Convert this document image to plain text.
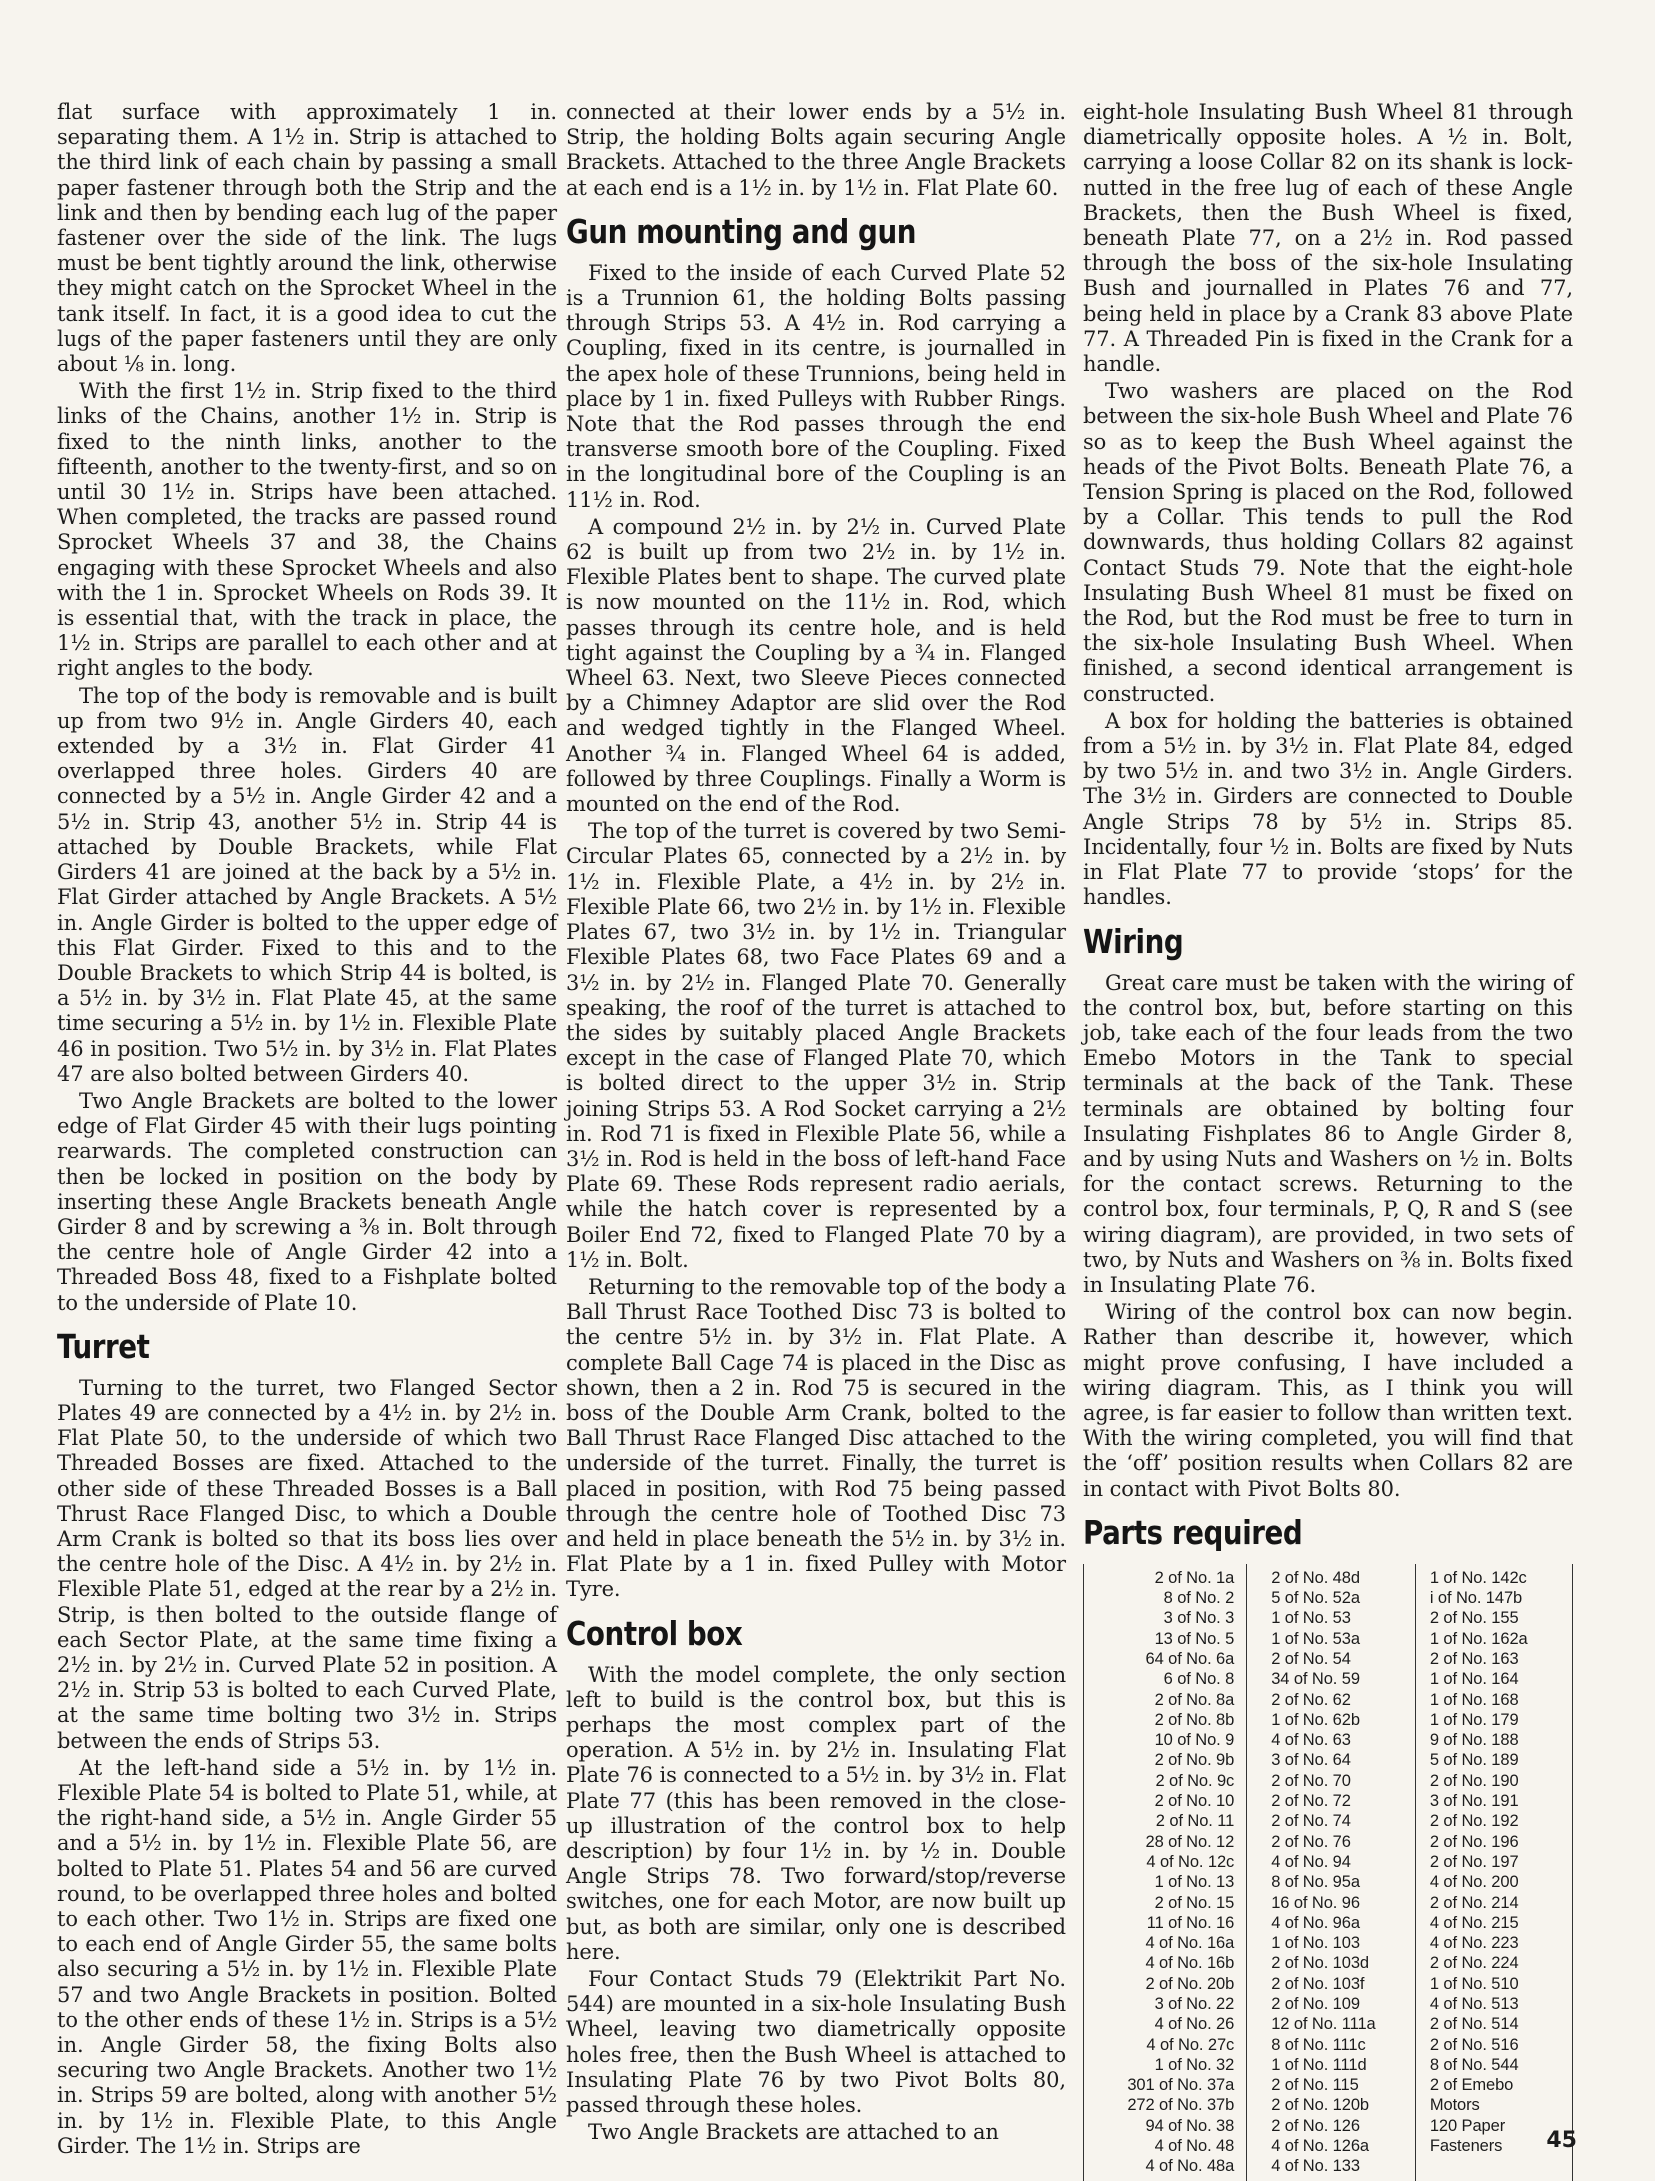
flat surface with approximately 1 in. separating them. A 1½ in. Strip is attached to the third link of each chain by passing a small paper fastener through both the Strip and the link and then by bending each lug of the paper fastener over the side of the link. The lugs must be bent tightly around the link, otherwise they might catch on the Sprocket Wheel in the tank itself. In fact, it is a good idea to cut the lugs of the paper fasteners until they are only about ⅛ in. long.

With the first 1½ in. Strip fixed to the third links of the Chains, another 1½ in. Strip is fixed to the ninth links, another to the fifteenth, another to the twenty-first, and so on until 30 1½ in. Strips have been attached. When completed, the tracks are passed round Sprocket Wheels 37 and 38, the Chains engaging with these Sprocket Wheels and also with the 1 in. Sprocket Wheels on Rods 39. It is essential that, with the track in place, the 1½ in. Strips are parallel to each other and at right angles to the body.

The top of the body is removable and is built up from two 9½ in. Angle Girders 40, each extended by a 3½ in. Flat Girder 41 overlapped three holes. Girders 40 are connected by a 5½ in. Angle Girder 42 and a 5½ in. Strip 43, another 5½ in. Strip 44 is attached by Double Brackets, while Flat Girders 41 are joined at the back by a 5½ in. Flat Girder attached by Angle Brackets. A 5½ in. Angle Girder is bolted to the upper edge of this Flat Girder. Fixed to this and to the Double Brackets to which Strip 44 is bolted, is a 5½ in. by 3½ in. Flat Plate 45, at the same time securing a 5½ in. by 1½ in. Flexible Plate 46 in position. Two 5½ in. by 3½ in. Flat Plates 47 are also bolted between Girders 40.

Two Angle Brackets are bolted to the lower edge of Flat Girder 45 with their lugs pointing rearwards. The completed construction can then be locked in position on the body by inserting these Angle Brackets beneath Angle Girder 8 and by screwing a ⅜ in. Bolt through the centre hole of Angle Girder 42 into a Threaded Boss 48, fixed to a Fishplate bolted to the underside of Plate 10.

Turret

Turning to the turret, two Flanged Sector Plates 49 are connected by a 4½ in. by 2½ in. Flat Plate 50, to the underside of which two Threaded Bosses are fixed. Attached to the other side of these Threaded Bosses is a Ball Thrust Race Flanged Disc, to which a Double Arm Crank is bolted so that its boss lies over the centre hole of the Disc. A 4½ in. by 2½ in. Flexible Plate 51, edged at the rear by a 2½ in. Strip, is then bolted to the outside flange of each Sector Plate, at the same time fixing a 2½ in. by 2½ in. Curved Plate 52 in position. A 2½ in. Strip 53 is bolted to each Curved Plate, at the same time bolting two 3½ in. Strips between the ends of Strips 53.

At the left-hand side a 5½ in. by 1½ in. Flexible Plate 54 is bolted to Plate 51, while, at the right-hand side, a 5½ in. Angle Girder 55 and a 5½ in. by 1½ in. Flexible Plate 56, are bolted to Plate 51. Plates 54 and 56 are curved round, to be overlapped three holes and bolted to each other. Two 1½ in. Strips are fixed one to each end of Angle Girder 55, the same bolts also securing a 5½ in. by 1½ in. Flexible Plate 57 and two Angle Brackets in position. Bolted to the other ends of these 1½ in. Strips is a 5½ in. Angle Girder 58, the fixing Bolts also securing two Angle Brackets. Another two 1½ in. Strips 59 are bolted, along with another 5½ in. by 1½ in. Flexible Plate, to this Angle Girder. The 1½ in. Strips are

connected at their lower ends by a 5½ in. Strip, the holding Bolts again securing Angle Brackets. Attached to the three Angle Brackets at each end is a 1½ in. by 1½ in. Flat Plate 60.

Gun mounting and gun

Fixed to the inside of each Curved Plate 52 is a Trunnion 61, the holding Bolts passing through Strips 53. A 4½ in. Rod carrying a Coupling, fixed in its centre, is journalled in the apex hole of these Trunnions, being held in place by 1 in. fixed Pulleys with Rubber Rings. Note that the Rod passes through the end transverse smooth bore of the Coupling. Fixed in the longitudinal bore of the Coupling is an 11½ in. Rod.

A compound 2½ in. by 2½ in. Curved Plate 62 is built up from two 2½ in. by 1½ in. Flexible Plates bent to shape. The curved plate is now mounted on the 11½ in. Rod, which passes through its centre hole, and is held tight against the Coupling by a ¾ in. Flanged Wheel 63. Next, two Sleeve Pieces connected by a Chimney Adaptor are slid over the Rod and wedged tightly in the Flanged Wheel. Another ¾ in. Flanged Wheel 64 is added, followed by three Couplings. Finally a Worm is mounted on the end of the Rod.

The top of the turret is covered by two Semi-Circular Plates 65, connected by a 2½ in. by 1½ in. Flexible Plate, a 4½ in. by 2½ in. Flexible Plate 66, two 2½ in. by 1½ in. Flexible Plates 67, two 3½ in. by 1½ in. Triangular Flexible Plates 68, two Face Plates 69 and a 3½ in. by 2½ in. Flanged Plate 70. Generally speaking, the roof of the turret is attached to the sides by suitably placed Angle Brackets except in the case of Flanged Plate 70, which is bolted direct to the upper 3½ in. Strip joining Strips 53. A Rod Socket carrying a 2½ in. Rod 71 is fixed in Flexible Plate 56, while a 3½ in. Rod is held in the boss of left-hand Face Plate 69. These Rods represent radio aerials, while the hatch cover is represented by a Boiler End 72, fixed to Flanged Plate 70 by a 1½ in. Bolt.

Returning to the removable top of the body a Ball Thrust Race Toothed Disc 73 is bolted to the centre 5½ in. by 3½ in. Flat Plate. A complete Ball Cage 74 is placed in the Disc as shown, then a 2 in. Rod 75 is secured in the boss of the Double Arm Crank, bolted to the Ball Thrust Race Flanged Disc attached to the underside of the turret. Finally, the turret is placed in position, with Rod 75 being passed through the centre hole of Toothed Disc 73 and held in place beneath the 5½ in. by 3½ in. Flat Plate by a 1 in. fixed Pulley with Motor Tyre.

Control box

With the model complete, the only section left to build is the control box, but this is perhaps the most complex part of the operation. A 5½ in. by 2½ in. Insulating Flat Plate 76 is connected to a 5½ in. by 3½ in. Flat Plate 77 (this has been removed in the close-up illustration of the control box to help description) by four 1½ in. by ½ in. Double Angle Strips 78. Two forward/stop/reverse switches, one for each Motor, are now built up but, as both are similar, only one is described here.

Four Contact Studs 79 (Elektrikit Part No. 544) are mounted in a six-hole Insulating Bush Wheel, leaving two diametrically opposite holes free, then the Bush Wheel is attached to Insulating Plate 76 by two Pivot Bolts 80, passed through these holes.

Two Angle Brackets are attached to an

eight-hole Insulating Bush Wheel 81 through diametrically opposite holes. A ½ in. Bolt, carrying a loose Collar 82 on its shank is lock-nutted in the free lug of each of these Angle Brackets, then the Bush Wheel is fixed, beneath Plate 77, on a 2½ in. Rod passed through the boss of the six-hole Insulating Bush and journalled in Plates 76 and 77, being held in place by a Crank 83 above Plate 77. A Threaded Pin is fixed in the Crank for a handle.

Two washers are placed on the Rod between the six-hole Bush Wheel and Plate 76 so as to keep the Bush Wheel against the heads of the Pivot Bolts. Beneath Plate 76, a Tension Spring is placed on the Rod, followed by a Collar. This tends to pull the Rod downwards, thus holding Collars 82 against Contact Studs 79. Note that the eight-hole Insulating Bush Wheel 81 must be fixed on the Rod, but the Rod must be free to turn in the six-hole Insulating Bush Wheel. When finished, a second identical arrangement is constructed.

A box for holding the batteries is obtained from a 5½ in. by 3½ in. Flat Plate 84, edged by two 5½ in. and two 3½ in. Angle Girders. The 3½ in. Girders are connected to Double Angle Strips 78 by 5½ in. Strips 85. Incidentally, four ½ in. Bolts are fixed by Nuts in Flat Plate 77 to provide ‘stops’ for the handles.

Wiring

Great care must be taken with the wiring of the control box, but, before starting on this job, take each of the four leads from the two Emebo Motors in the Tank to special terminals at the back of the Tank. These terminals are obtained by bolting four Insulating Fishplates 86 to Angle Girder 8, and by using Nuts and Washers on ½ in. Bolts for the contact screws. Returning to the control box, four terminals, P, Q, R and S (see wiring diagram), are provided, in two sets of two, by Nuts and Washers on ⅜ in. Bolts fixed in Insulating Plate 76.

Wiring of the control box can now begin. Rather than describe it, however, which might prove confusing, I have included a wiring diagram. This, as I think you will agree, is far easier to follow than written text. With the wiring completed, you will find that the ‘off’ position results when Collars 82 are in contact with Pivot Bolts 80.

Parts required
2 of No. 1a
8 of No. 2
3 of No. 3
13 of No. 5
64 of No. 6a
6 of No. 8
2 of No. 8a
2 of No. 8b
10 of No. 9
2 of No. 9b
2 of No. 9c
2 of No. 10
2 of No. 11
28 of No. 12
4 of No. 12c
1 of No. 13
2 of No. 15
11 of No. 16
4 of No. 16a
4 of No. 16b
2 of No. 20b
3 of No. 22
4 of No. 26
4 of No. 27c
1 of No. 32
301 of No. 37a
272 of No. 37b
94 of No. 38
4 of No. 48
4 of No. 48a

2 of No. 48d
5 of No. 52a
1 of No. 53
1 of No. 53a
2 of No. 54
34 of No. 59
2 of No. 62
1 of No. 62b
4 of No. 63
3 of No. 64
2 of No. 70
2 of No. 72
2 of No. 74
2 of No. 76
4 of No. 94
8 of No. 95a
16 of No. 96
4 of No. 96a
1 of No. 103
2 of No. 103d
2 of No. 103f
2 of No. 109
12 of No. 111a
8 of No. 111c
1 of No. 111d
2 of No. 115
2 of No. 120b
2 of No. 126
4 of No. 126a
4 of No. 133

1 of No. 142c
i of No. 147b
2 of No. 155
1 of No. 162a
2 of No. 163
1 of No. 164
1 of No. 168
1 of No. 179
9 of No. 188
5 of No. 189
2 of No. 190
3 of No. 191
2 of No. 192
2 of No. 196
2 of No. 197
4 of No. 200
2 of No. 214
4 of No. 215
4 of No. 223
2 of No. 224
1 of No. 510
4 of No. 513
2 of No. 514
2 of No. 516
8 of No. 544
2 of Emebo
Motors
120 Paper
Fasteners	45
